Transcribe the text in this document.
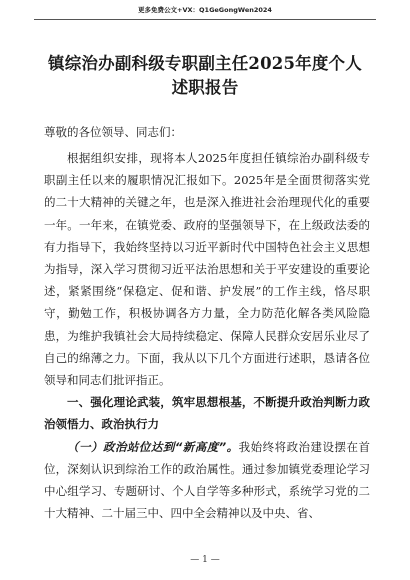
更多免费公文+VX：Q1GeGongWen2024
镇综治办副科级专职副主任2025年度个人述职报告
尊敬的各位领导、同志们：

根据组织安排，现将本人2025年度担任镇综治办副科级专职副主任以来的履职情况汇报如下。2025年是全面贯彻落实党的二十大精神的关键之年，也是深入推进社会治理现代化的重要一年。一年来，在镇党委、政府的坚强领导下，在上级政法委的有力指导下，我始终坚持以习近平新时代中国特色社会主义思想为指导，深入学习贯彻习近平法治思想和关于平安建设的重要论述，紧紧围绕“保稳定、促和谐、护发展”的工作主线，恪尽职守，勤勉工作，积极协调各方力量，全力防范化解各类风险隐患，为维护我镇社会大局持续稳定、保障人民群众安居乐业尽了自己的绵薄之力。下面，我从以下几个方面进行述职，恳请各位领导和同志们批评指正。

一、强化理论武装，筑牢思想根基，不断提升政治判断力政治领悟力、政治执行力

（一）政治站位达到“新高度”。我始终将政治建设摆在首位，深刻认识到综治工作的政治属性。通过参加镇党委理论学习中心组学习、专题研讨、个人自学等多种形式，系统学习党的二十大精神、二十届三中、四中全会精神以及中央、省、

— 1 —
